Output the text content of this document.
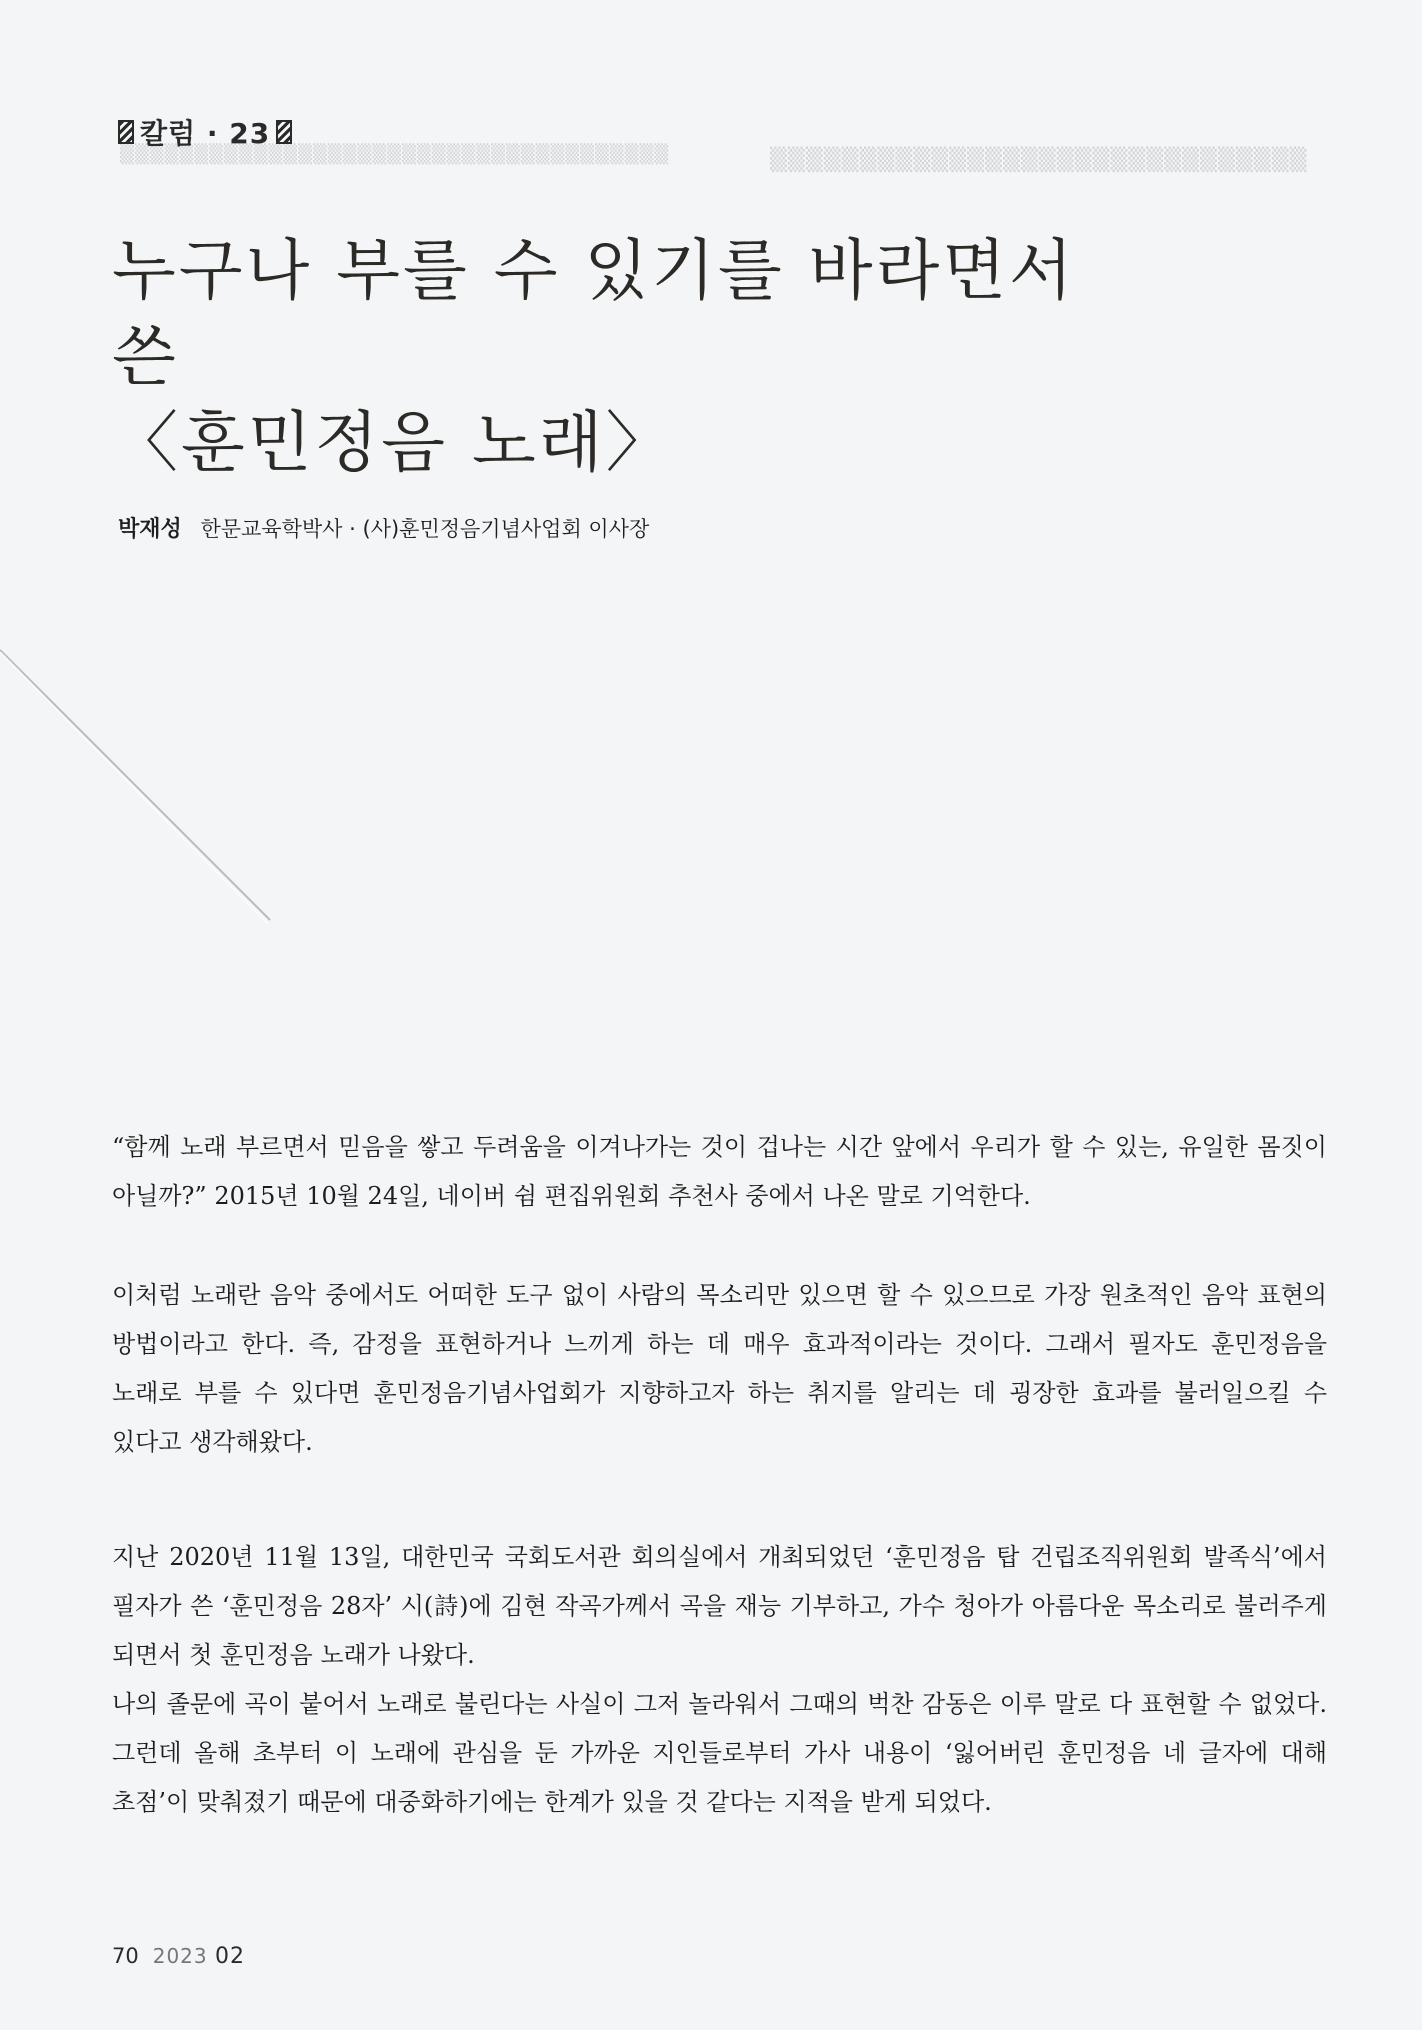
▒▒▒▒▒▒▒▒▒▒▒▒▒▒▒▒▒▒▒▒▒▒▒▒▒▒▒▒▒▒▒▒▒▒▒▒▒	▒▒▒▒▒▒▒▒▒▒▒▒▒▒▒▒▒▒▒▒▒▒▒▒▒▒▒▒▒▒
칼럼 · 23
누구나 부를 수 있기를 바라면서 쓴
〈훈민정음 노래〉
박재성 한문교육학박사 · (사)훈민정음기념사업회 이사장

“함께 노래 부르면서 믿음을 쌓고 두려움을 이겨나가는 것이 겁나는 시간 앞에서 우리가 할 수 있는, 유일한 몸짓이 아닐까?” 2015년 10월 24일, 네이버 쉼 편집위원회 추천사 중에서 나온 말로 기억한다.

이처럼 노래란 음악 중에서도 어떠한 도구 없이 사람의 목소리만 있으면 할 수 있으므로 가장 원초적인 음악 표현의 방법이라고 한다. 즉, 감정을 표현하거나 느끼게 하는 데 매우 효과적이라는 것이다. 그래서 필자도 훈민정음을 노래로 부를 수 있다면 훈민정음기념사업회가 지향하고자 하는 취지를 알리는 데 굉장한 효과를 불러일으킬 수 있다고 생각해왔다.

지난 2020년 11월 13일, 대한민국 국회도서관 회의실에서 개최되었던 ‘훈민정음 탑 건립조직위원회 발족식’에서 필자가 쓴 ‘훈민정음 28자’ 시(詩)에 김현 작곡가께서 곡을 재능 기부하고, 가수 청아가 아름다운 목소리로 불러주게 되면서 첫 훈민정음 노래가 나왔다.

나의 졸문에 곡이 붙어서 노래로 불린다는 사실이 그저 놀라워서 그때의 벅찬 감동은 이루 말로 다 표현할 수 없었다. 그런데 올해 초부터 이 노래에 관심을 둔 가까운 지인들로부터 가사 내용이 ‘잃어버린 훈민정음 네 글자에 대해 초점’이 맞춰졌기 때문에 대중화하기에는 한계가 있을 것 같다는 지적을 받게 되었다.

70 2023 02
